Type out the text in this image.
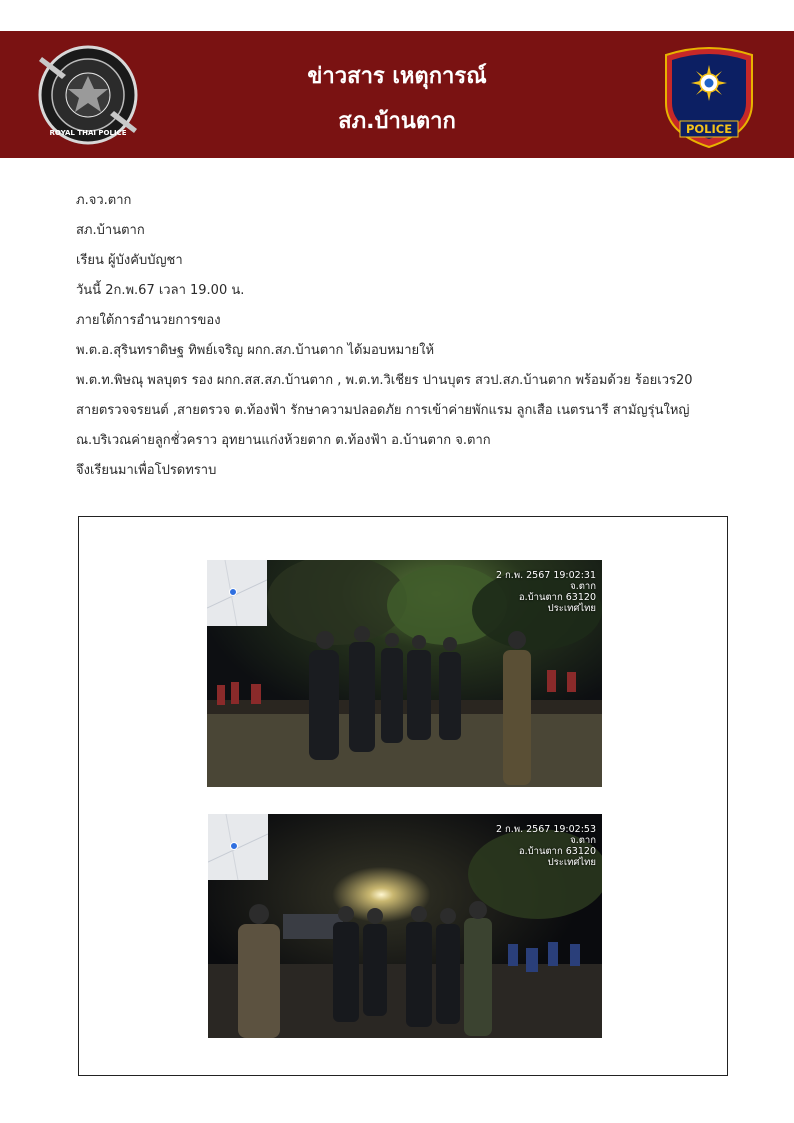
ROYAL THAI POLICE
ข่าวสาร เหตุการณ์
สภ.บ้านตาก	POLICE
ภ.จว.ตาก
สภ.บ้านตาก
เรียน ผู้บังคับบัญชา
วันนี้ 2ก.พ.67 เวลา 19.00 น.
ภายใต้การอำนวยการของ
พ.ต.อ.สุรินทราดิษฐ ทิพย์เจริญ ผกก.สภ.บ้านตาก ได้มอบหมายให้
พ.ต.ท.พิษณุ พลบุตร รอง ผกก.สส.สภ.บ้านตาก , พ.ต.ท.วิเชียร ปานบุตร สวป.สภ.บ้านตาก พร้อมด้วย ร้อยเวร20
สายตรวจจรยนต์ ,สายตรวจ ต.ท้องฟ้า รักษาความปลอดภัย การเข้าค่ายพักแรม ลูกเสือ เนตรนารี สามัญรุ่นใหญ่
ณ.บริเวณค่ายลูกชั่วคราว อุทยานแก่งห้วยตาก ต.ท้องฟ้า อ.บ้านตาก จ.ตาก
จึงเรียนมาเพื่อโปรดทราบ
2 ก.พ. 2567 19:02:31
จ.ตาก
อ.บ้านตาก 63120
ประเทศไทย
2 ก.พ. 2567 19:02:53
จ.ตาก
อ.บ้านตาก 63120
ประเทศไทย
